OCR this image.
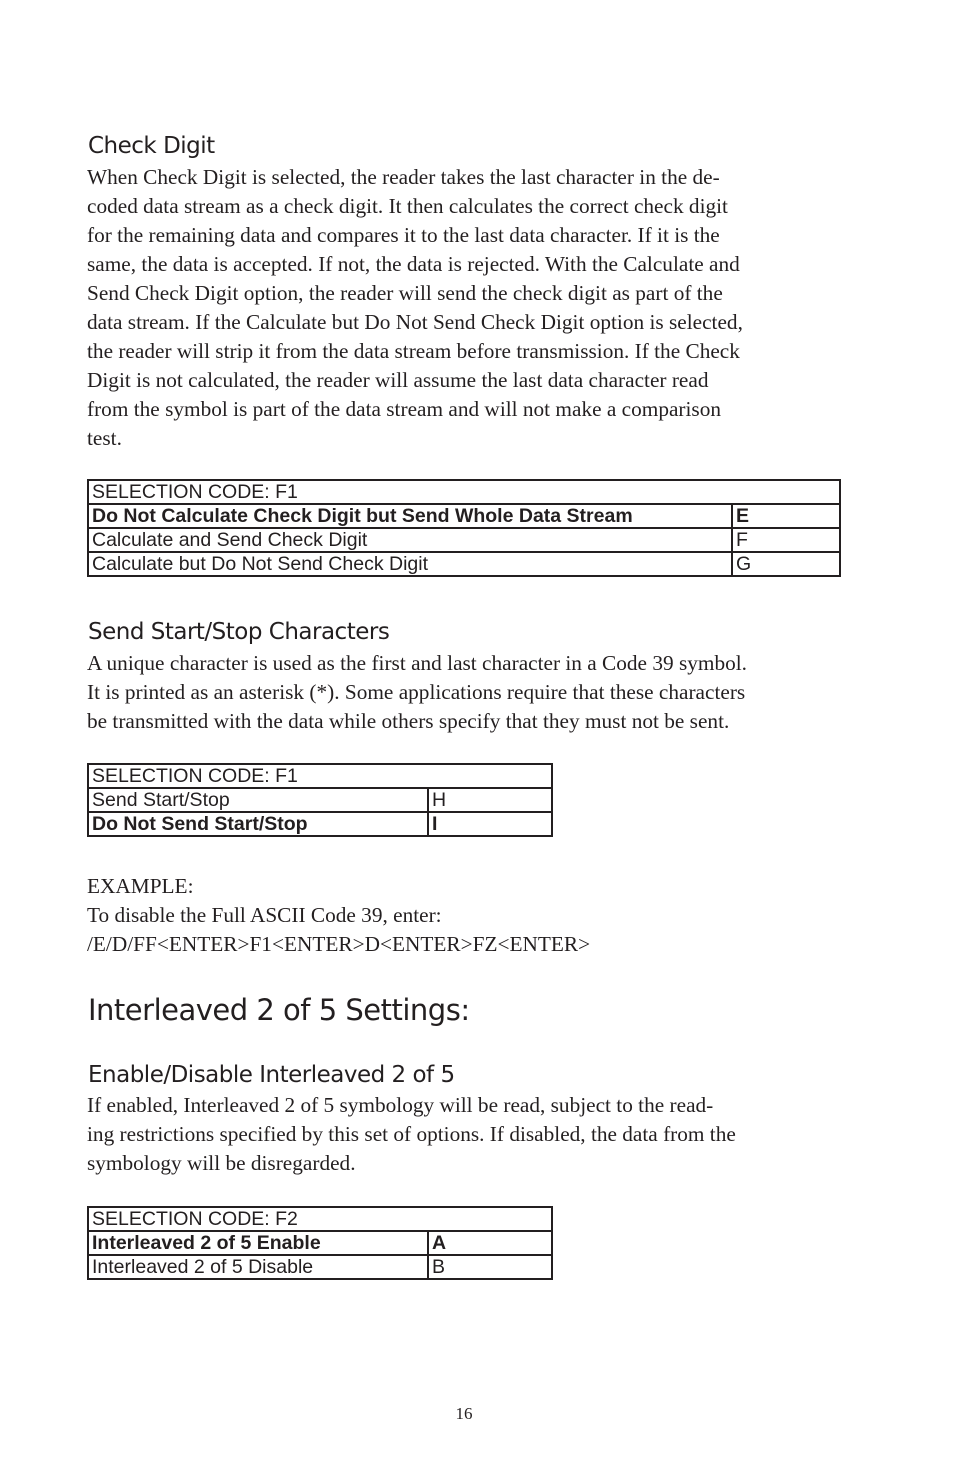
Check Digit

When Check Digit is selected, the reader takes the last character in the de-
coded data stream as a check digit. It then calculates the correct check digit
for the remaining data and compares it to the last data character. If it is the
same, the data is accepted. If not, the data is rejected. With the Calculate and
Send Check Digit option, the reader will send the check digit as part of the
data stream. If the Calculate but Do Not Send Check Digit option is selected,
the reader will strip it from the data stream before transmission. If the Check
Digit is not calculated, the reader will assume the last data character read
from the symbol is part of the data stream and will not make a comparison
test.

SELECTION CODE: F1	
Do Not Calculate Check Digit but Send Whole Data Stream	E
Calculate and Send Check Digit	F
Calculate but Do Not Send Check Digit	G
Send Start/Stop Characters

A unique character is used as the first and last character in a Code 39 symbol.
It is printed as an asterisk (*). Some applications require that these characters
be transmitted with the data while others specify that they must not be sent.

SELECTION CODE: F1	
Send Start/Stop	H
Do Not Send Start/Stop	I

EXAMPLE:
To disable the Full ASCII Code 39, enter:
/E/D/FF<ENTER>F1<ENTER>D<ENTER>FZ<ENTER>

Interleaved 2 of 5 Settings:
Enable/Disable Interleaved 2 of 5

If enabled, Interleaved 2 of 5 symbology will be read, subject to the read-
ing restrictions specified by this set of options. If disabled, the data from the
symbology will be disregarded.

SELECTION CODE: F2	
Interleaved 2 of 5 Enable	A
Interleaved 2 of 5 Disable	B

16
